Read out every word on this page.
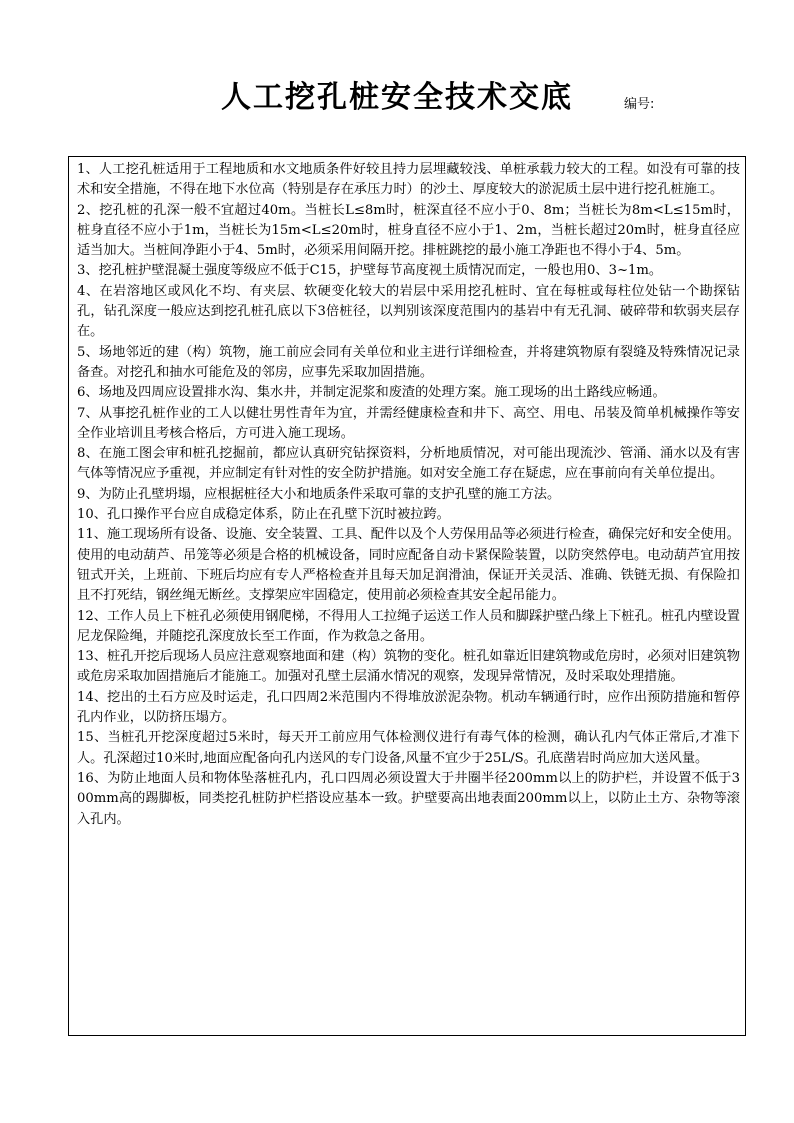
人工挖孔桩安全技术交底	编号:

1、人工挖孔桩适用于工程地质和水文地质条件好较且持力层埋藏较浅、单桩承载力较大的工程。如没有可靠的技术和安全措施，不得在地下水位高（特别是存在承压力时）的沙土、厚度较大的淤泥质土层中进行挖孔桩施工。

2、挖孔桩的孔深一般不宜超过40m。当桩长L≤8m时，桩深直径不应小于0、8m；当桩长为8m<L≤15m时，桩身直径不应小于1m，当桩长为15m<L≤20m时，桩身直径不应小于1、2m，当桩长超过20m时，桩身直径应适当加大。当桩间净距小于4、5m时，必须采用间隔开挖。排桩跳挖的最小施工净距也不得小于4、5m。

3、挖孔桩护壁混凝土强度等级应不低于C15，护壁每节高度视土质情况而定，一般也用0、3~1m。

4、在岩溶地区或风化不均、有夹层、软硬变化较大的岩层中采用挖孔桩时、宜在每桩或每柱位处钻一个勘探钻孔，钻孔深度一般应达到挖孔桩孔底以下3倍桩径，以判别该深度范围内的基岩中有无孔洞、破碎带和软弱夹层存在。

5、场地邻近的建（构）筑物，施工前应会同有关单位和业主进行详细检查，并将建筑物原有裂缝及特殊情况记录备查。对挖孔和抽水可能危及的邻房，应事先采取加固措施。

6、场地及四周应设置排水沟、集水井，并制定泥浆和废渣的处理方案。施工现场的出土路线应畅通。

7、从事挖孔桩作业的工人以健壮男性青年为宜，并需经健康检查和井下、高空、用电、吊装及简单机械操作等安全作业培训且考核合格后，方可进入施工现场。

8、在施工图会审和桩孔挖掘前，都应认真研究钻探资料，分析地质情况，对可能出现流沙、管涌、涌水以及有害气体等情况应予重视，并应制定有针对性的安全防护措施。如对安全施工存在疑虑，应在事前向有关单位提出。

9、为防止孔壁坍塌，应根据桩径大小和地质条件采取可靠的支护孔壁的施工方法。

10、孔口操作平台应自成稳定体系，防止在孔壁下沉时被拉跨。

11、施工现场所有设备、设施、安全装置、工具、配件以及个人劳保用品等必须进行检查，确保完好和安全使用。

使用的电动葫芦、吊笼等必须是合格的机械设备，同时应配备自动卡紧保险装置，以防突然停电。电动葫芦宜用按钮式开关，上班前、下班后均应有专人严格检查并且每天加足润滑油，保证开关灵活、准确、铁链无损、有保险扣且不打死结，钢丝绳无断丝。支撑架应牢固稳定，使用前必须检查其安全起吊能力。

12、工作人员上下桩孔必须使用钢爬梯，不得用人工拉绳子运送工作人员和脚踩护壁凸缘上下桩孔。桩孔内壁设置尼龙保险绳，并随挖孔深度放长至工作面，作为救急之备用。

13、桩孔开挖后现场人员应注意观察地面和建（构）筑物的变化。桩孔如靠近旧建筑物或危房时，必须对旧建筑物或危房采取加固措施后才能施工。加强对孔壁土层涌水情况的观察，发现异常情况，及时采取处理措施。

14、挖出的土石方应及时运走，孔口四周2米范围内不得堆放淤泥杂物。机动车辆通行时，应作出预防措施和暂停孔内作业，以防挤压塌方。

15、当桩孔开挖深度超过5米时，每天开工前应用气体检测仪进行有毒气体的检测，确认孔内气体正常后,才准下人。孔深超过10米时,地面应配备向孔内送风的专门设备,风量不宜少于25L/S。孔底凿岩时尚应加大送风量。

16、为防止地面人员和物体坠落桩孔内，孔口四周必须设置大于井圈半径200mm以上的防护栏，并设置不低于300mm高的踢脚板，同类挖孔桩防护栏搭设应基本一致。护壁要高出地表面200mm以上，以防止土方、杂物等滚入孔内。
